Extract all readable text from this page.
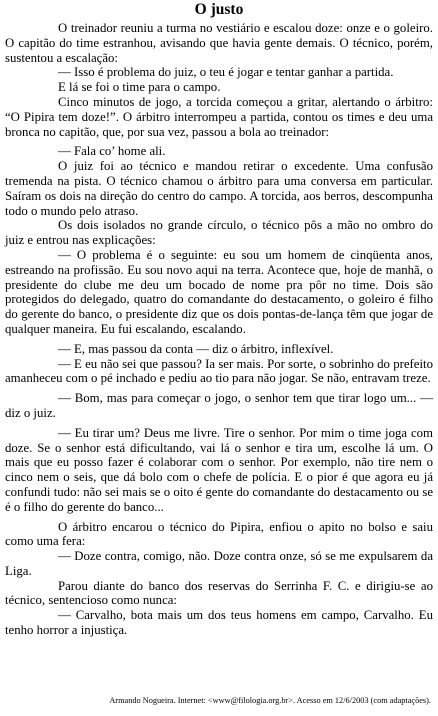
O justo

O treinador reuniu a turma no vestiário e escalou doze: onze e o goleiro. O capitão do time estranhou, avisando que havia gente demais. O técnico, porém, sustentou a escalação:

— Isso é problema do juiz, o teu é jogar e tentar ganhar a partida.

E lá se foi o time para o campo.

Cinco minutos de jogo, a torcida começou a gritar, alertando o árbitro: “O Pipira tem doze!”. O árbitro interrompeu a partida, contou os times e deu uma bronca no capitão, que, por sua vez, passou a bola ao treinador:

— Fala co’ home ali.

O juiz foi ao técnico e mandou retirar o excedente. Uma confusão tremenda na pista. O técnico chamou o árbitro para uma conversa em particular. Saíram os dois na direção do centro do campo. A torcida, aos berros, descompunha todo o mundo pelo atraso.

Os dois isolados no grande círculo, o técnico pôs a mão no ombro do juiz e entrou nas explicações:

— O problema é o seguinte: eu sou um homem de cinqüenta anos, estreando na profissão. Eu sou novo aqui na terra. Acontece que, hoje de manhã, o presidente do clube me deu um bocado de nome pra pôr no time. Dois são protegidos do delegado, quatro do comandante do destacamento, o goleiro é filho do gerente do banco, o presidente diz que os dois pontas-de-lança têm que jogar de qualquer maneira. Eu fui escalando, escalando.

— E, mas passou da conta — diz o árbitro, inflexível.

— E eu não sei que passou? Ia ser mais. Por sorte, o sobrinho do prefeito amanheceu com o pé inchado e pediu ao tio para não jogar. Se não, entravam treze.

— Bom, mas para começar o jogo, o senhor tem que tirar logo um... — diz o juiz.

— Eu tirar um? Deus me livre. Tire o senhor. Por mim o time joga com doze. Se o senhor está dificultando, vai lá o senhor e tira um, escolhe lá um. O mais que eu posso fazer é colaborar com o senhor. Por exemplo, não tire nem o cinco nem o seis, que dá bolo com o chefe de polícia. E o pior é que agora eu já confundi tudo: não sei mais se o oito é gente do comandante do destacamento ou se é o filho do gerente do banco...

O árbitro encarou o técnico do Pipira, enfiou o apito no bolso e saiu como uma fera:

— Doze contra, comigo, não. Doze contra onze, só se me expulsarem da Liga.

Parou diante do banco dos reservas do Serrinha F. C. e dirigiu-se ao técnico, sentencioso como nunca:

— Carvalho, bota mais um dos teus homens em campo, Carvalho. Eu tenho horror a injustiça.

Armando Nogueira. Internet: <www@filologia.org.br>. Acesso em 12/6/2003 (com adaptações).
